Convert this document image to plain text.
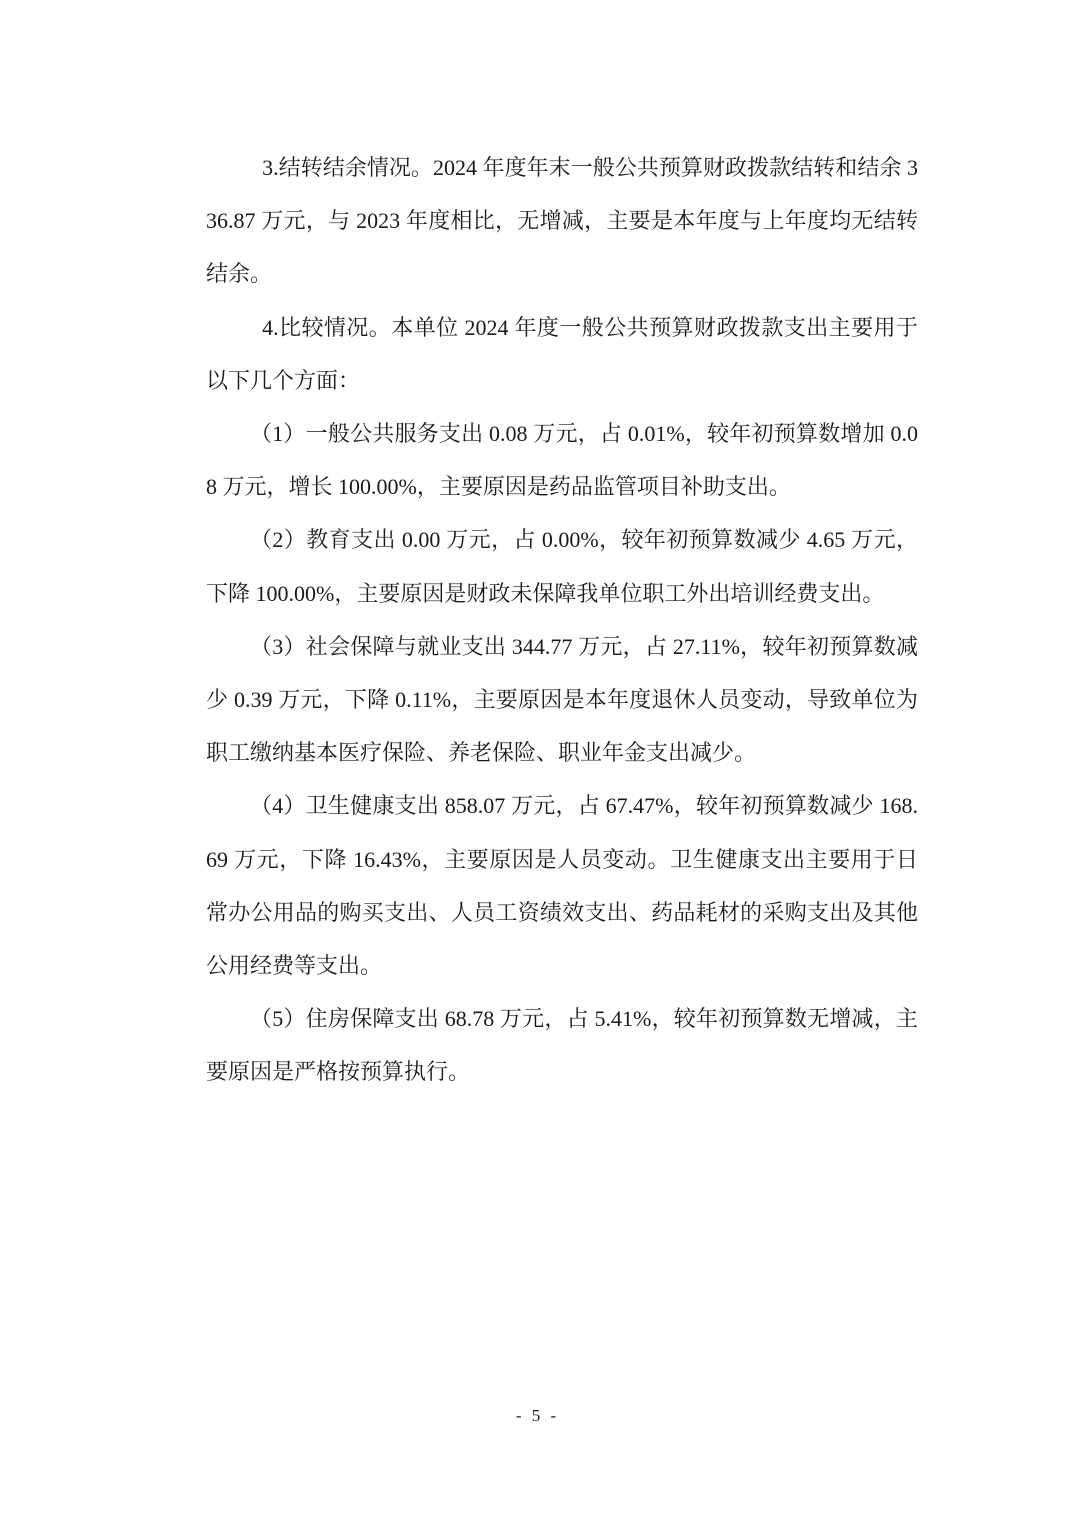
3.结转结余情况。2024 年度年末一般公共预算财政拨款结转和结余 336.87 万元，与 2023 年度相比，无增减，主要是本年度与上年度均无结转结余。

4.比较情况。本单位 2024 年度一般公共预算财政拨款支出主要用于以下几个方面：

（1）一般公共服务支出 0.08 万元，占 0.01%，较年初预算数增加 0.08 万元，增长 100.00%，主要原因是药品监管项目补助支出。

（2）教育支出 0.00 万元，占 0.00%，较年初预算数减少 4.65 万元，下降 100.00%，主要原因是财政未保障我单位职工外出培训经费支出。

（3）社会保障与就业支出 344.77 万元，占 27.11%，较年初预算数减少 0.39 万元，下降 0.11%，主要原因是本年度退休人员变动，导致单位为职工缴纳基本医疗保险、养老保险、职业年金支出减少。

（4）卫生健康支出 858.07 万元，占 67.47%，较年初预算数减少 168.69 万元，下降 16.43%，主要原因是人员变动。卫生健康支出主要用于日常办公用品的购买支出、人员工资绩效支出、药品耗材的采购支出及其他公用经费等支出。

（5）住房保障支出 68.78 万元，占 5.41%，较年初预算数无增减，主要原因是严格按预算执行。

- 5 -
